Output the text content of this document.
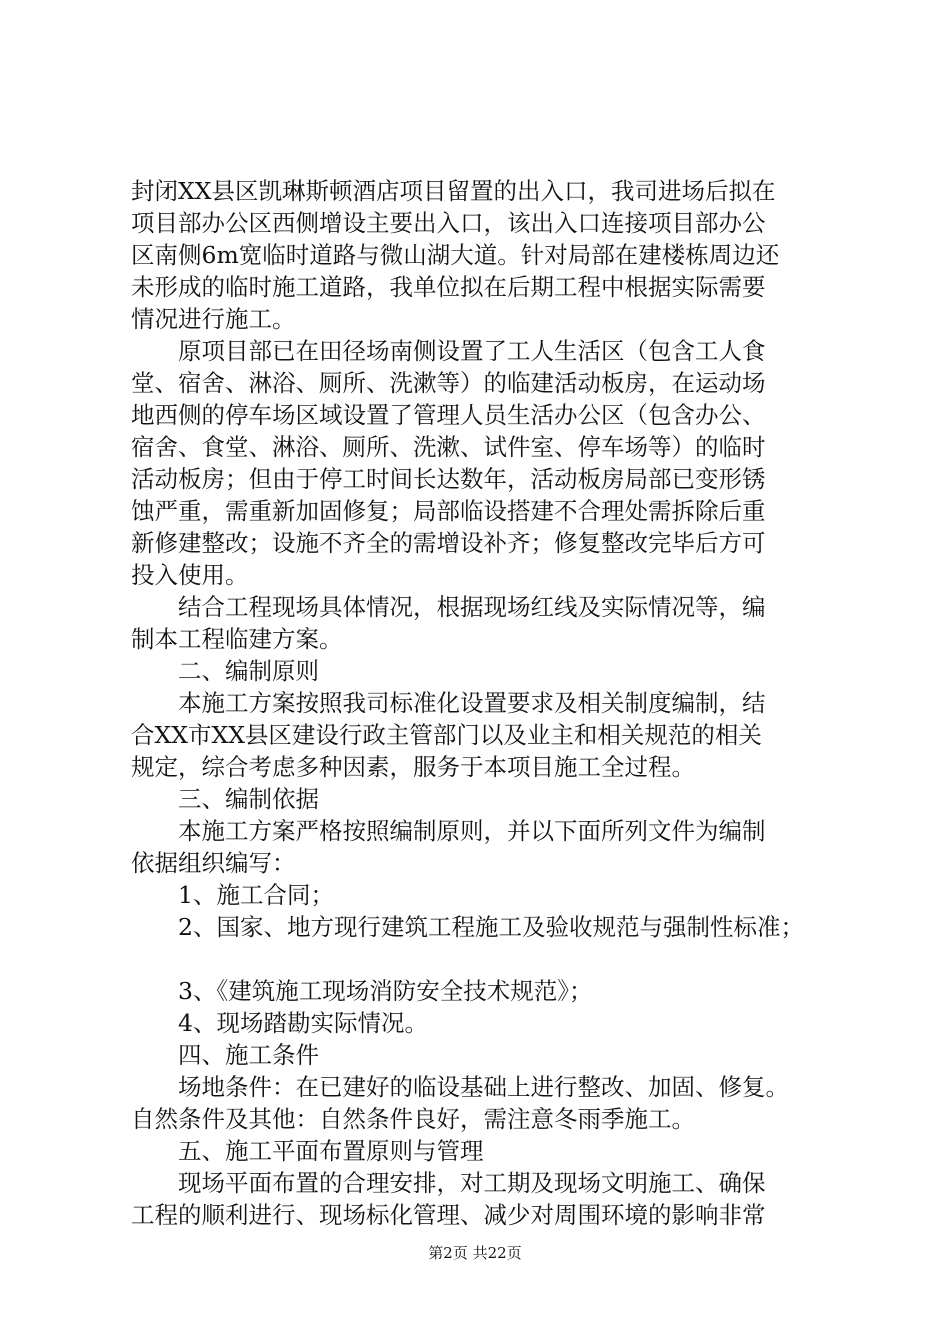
封闭XX县区凯琳斯顿酒店项目留置的出入口，我司进场后拟在
项目部办公区西侧增设主要出入口，该出入口连接项目部办公
区南侧6m宽临时道路与微山湖大道。针对局部在建楼栋周边还
未形成的临时施工道路，我单位拟在后期工程中根据实际需要
情况进行施工。
　　原项目部已在田径场南侧设置了工人生活区（包含工人食
堂、宿舍、淋浴、厕所、洗漱等）的临建活动板房，在运动场
地西侧的停车场区域设置了管理人员生活办公区（包含办公、
宿舍、食堂、淋浴、厕所、洗漱、试件室、停车场等）的临时
活动板房；但由于停工时间长达数年，活动板房局部已变形锈
蚀严重，需重新加固修复；局部临设搭建不合理处需拆除后重
新修建整改；设施不齐全的需增设补齐；修复整改完毕后方可
投入使用。
　　结合工程现场具体情况，根据现场红线及实际情况等，编
制本工程临建方案。
　　二、编制原则
　　本施工方案按照我司标准化设置要求及相关制度编制，结
合XX市XX县区建设行政主管部门以及业主和相关规范的相关
规定，综合考虑多种因素，服务于本项目施工全过程。
　　三、编制依据
　　本施工方案严格按照编制原则，并以下面所列文件为编制
依据组织编写：
　　1、施工合同；
　　2、国家、地方现行建筑工程施工及验收规范与强制性标准；
　　3、《建筑施工现场消防安全技术规范》；
　　4、现场踏勘实际情况。
　　四、施工条件
　　场地条件：在已建好的临设基础上进行整改、加固、修复。
自然条件及其他：自然条件良好，需注意冬雨季施工。
　　五、施工平面布置原则与管理
　　现场平面布置的合理安排，对工期及现场文明施工、确保
工程的顺利进行、现场标化管理、减少对周围环境的影响非常
第2页 共22页
